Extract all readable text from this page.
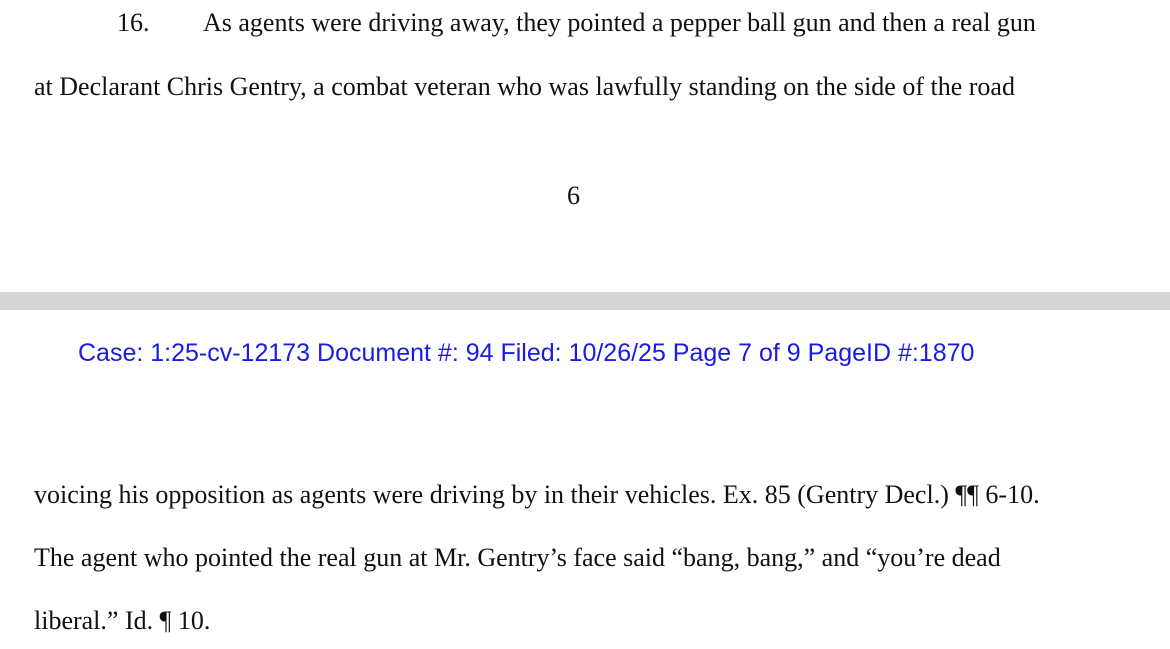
16. As agents were driving away, they pointed a pepper ball gun and then a real gun
at Declarant Chris Gentry, a combat veteran who was lawfully standing on the side of the road
6
Case: 1:25-cv-12173 Document #: 94 Filed: 10/26/25 Page 7 of 9 PageID #:1870
voicing his opposition as agents were driving by in their vehicles. Ex. 85 (Gentry Decl.) ¶¶ 6-10.
The agent who pointed the real gun at Mr. Gentry’s face said “bang, bang,” and “you’re dead
liberal.” Id. ¶ 10.
